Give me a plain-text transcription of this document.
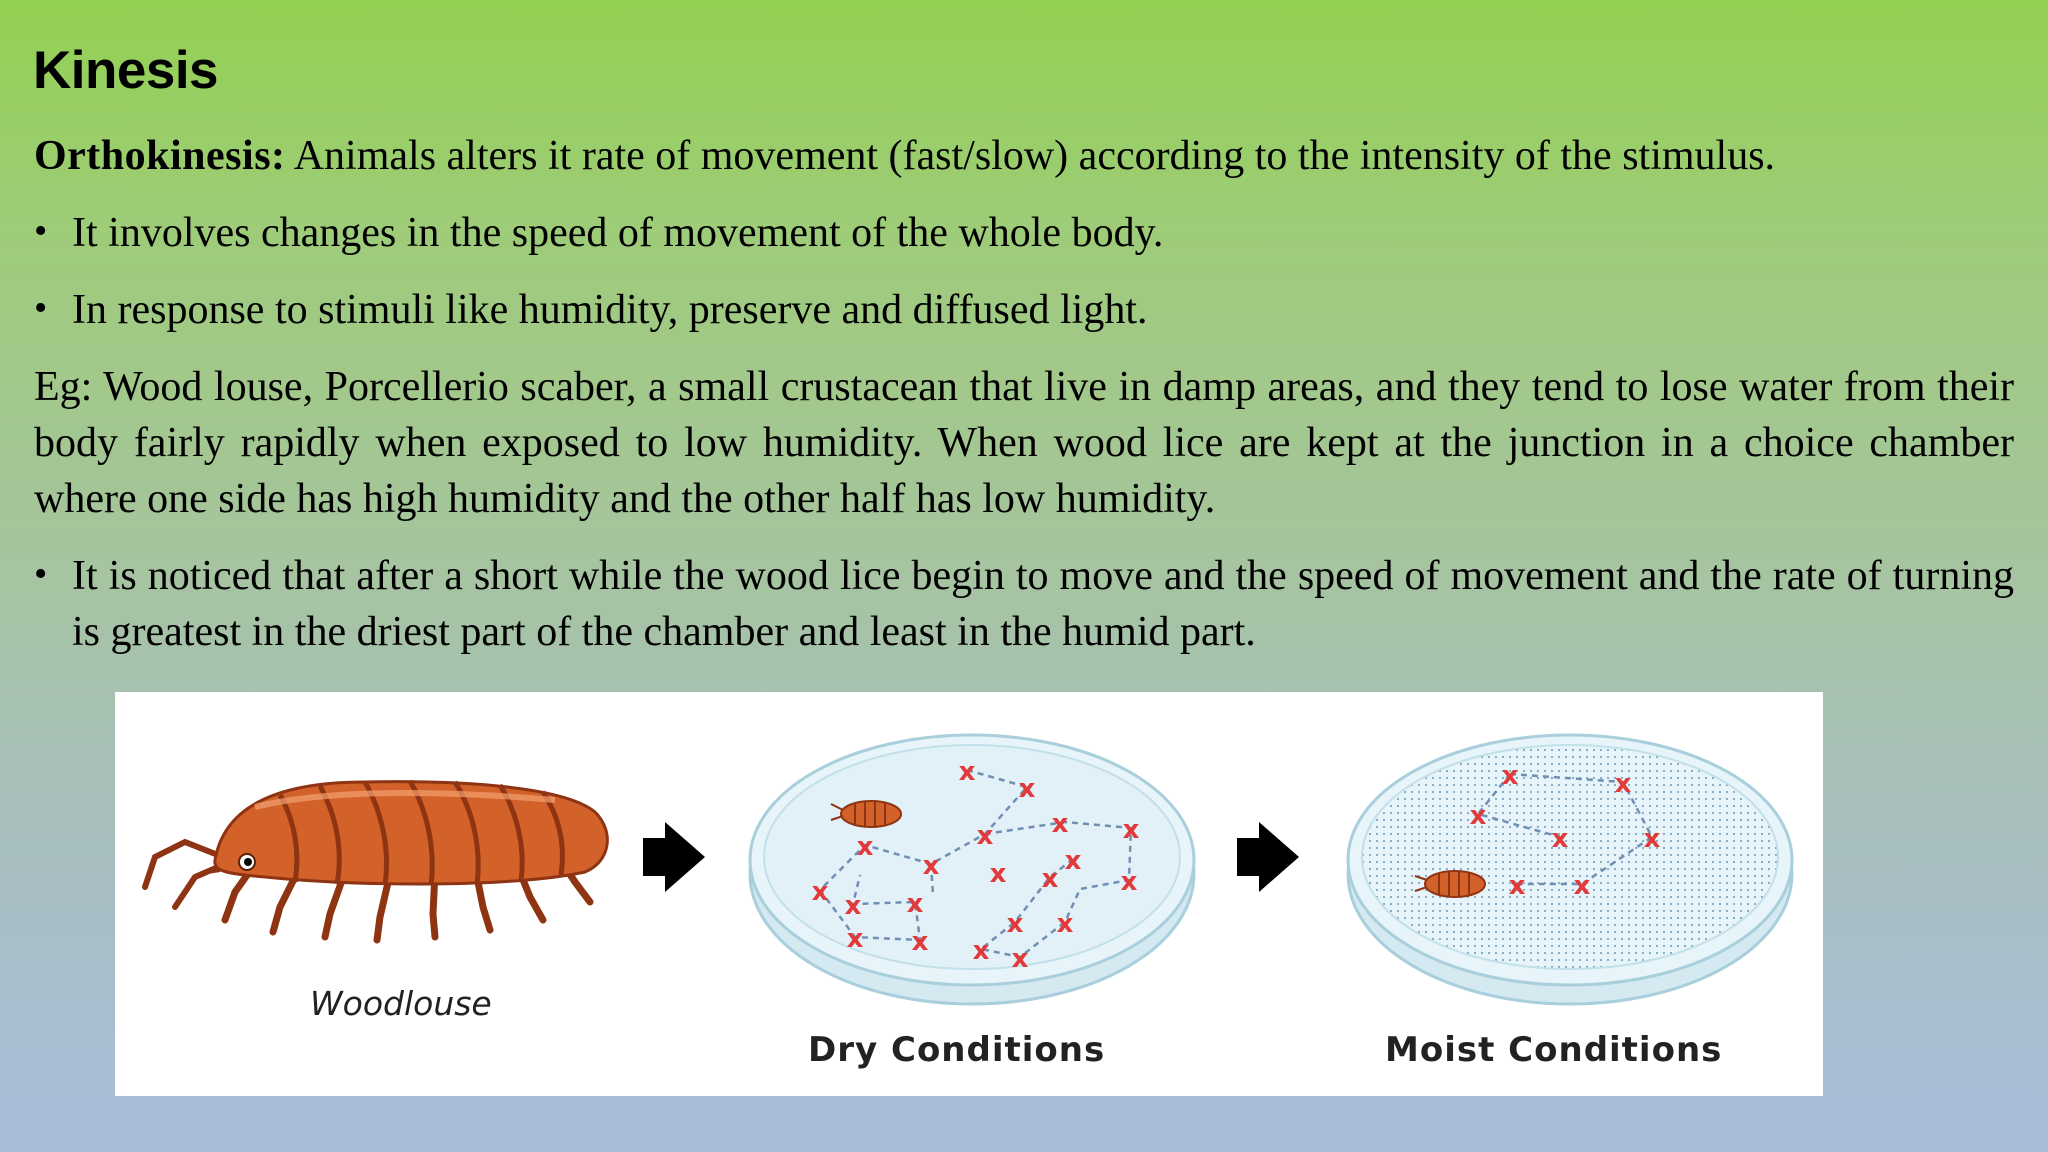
Kinesis

Orthokinesis: Animals alters it rate of movement (fast/slow) according to the intensity of the stimulus.

• It involves changes in the speed of movement of the whole body.
• In response to stimuli like humidity, preserve and diffused light.

Eg: Wood louse, Porcellerio scaber, a small crustacean that live in damp areas, and they tend to lose water from their body fairly rapidly when exposed to low humidity. When wood lice are kept at the junction in a choice chamber where one side has high humidity and the other half has low humidity.

• It is noticed that after a short while the wood lice begin to move and the speed of movement and the rate of turning is greatest in the driest part of the chamber and least in the humid part.
x
x
x
x
x
x
x x
x
x
x x
x
x
x
x
x
x
x
x
x	x
x
x	x
x x
Woodlouse
Dry Conditions	Moist Conditions
